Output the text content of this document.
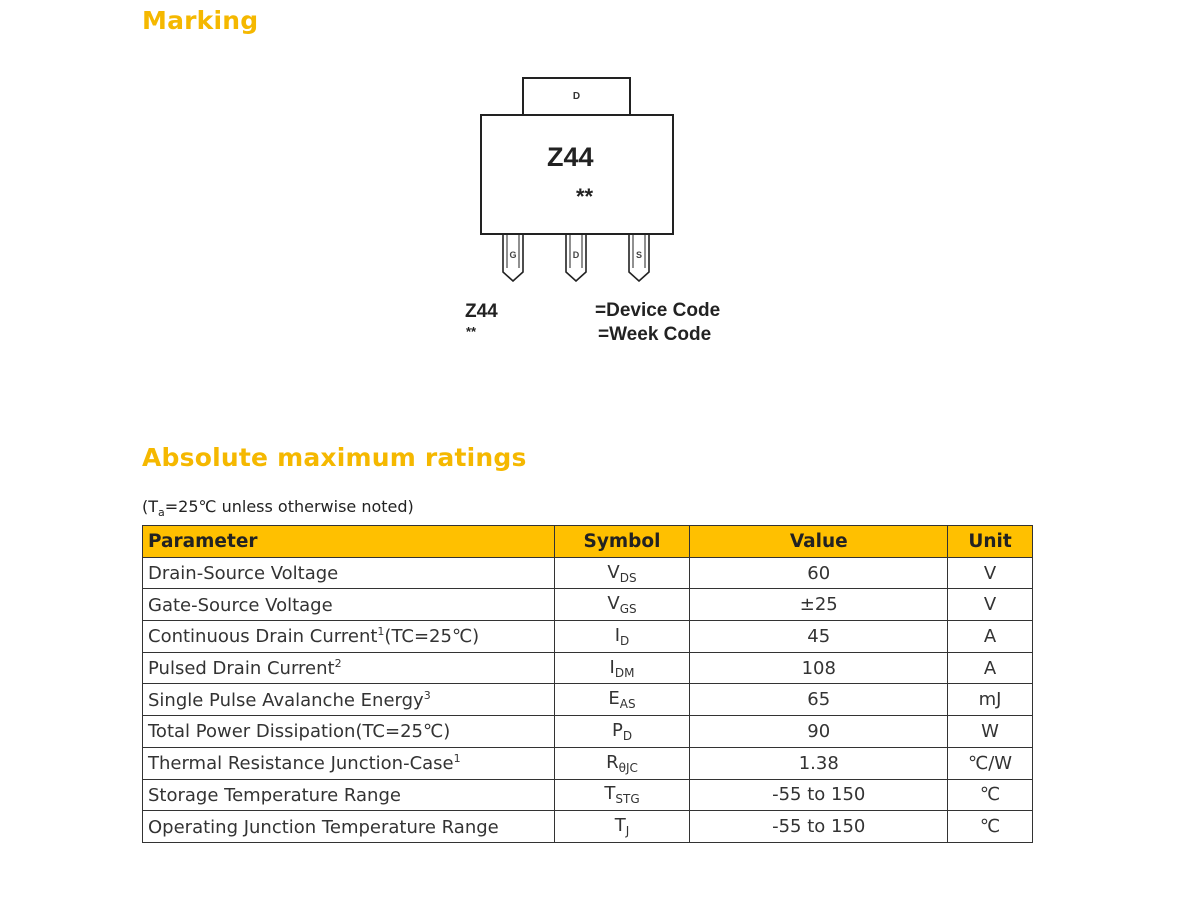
Marking
D
Z44
**
G	D	S
Z44
**
=Device Code
=Week Code
Absolute maximum ratings
($T_a=25℃$ unless otherwise noted)
Parameter	Symbol	Value	Unit
Drain-Source Voltage	$V_{DS}$	60	V
Gate-Source Voltage	$V_{GS}$	±25	V
Continuous Drain Current$^1$(TC=25℃)	$I_D$	45	A
Pulsed Drain Current$^2$	$I_{DM}$	108	A
Single Pulse Avalanche Energy$^3$	$E_{AS}$	65	mJ
Total Power Dissipation(TC=25℃)	$P_D$	90	W
Thermal Resistance Junction-Case$^1$	$R_{\theta JC}$	1.38	℃/W
Storage Temperature Range	$T_{STG}$	-55 to 150	℃
Operating Junction Temperature Range	$T_J$	-55 to 150	℃
